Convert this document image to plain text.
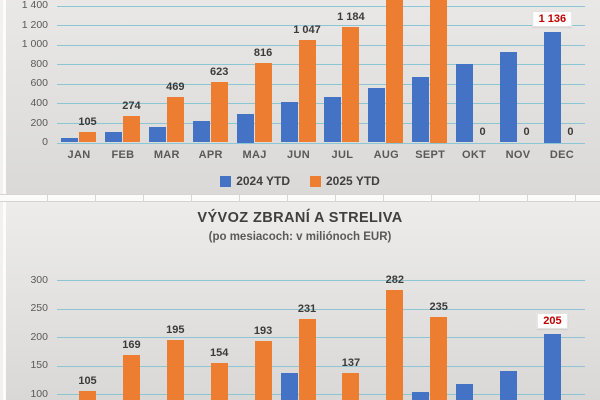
1 400
1 200
1 000
800
600
400
200
0
1 136
105
274
469
623
816
1 047
1 184
0	0	0
JAN	FEB	MAR	APR	MAJ	JUN	JUL	AUG	SEPT	OKT	NOV	DEC
2024 YTD	2025 YTD
VÝVOZ ZBRANÍ A STRELIVA
(po mesiacoch: v miliónoch EUR)
300
250
200
150
100
205
105
169
195
154
193
231
137
282
235
